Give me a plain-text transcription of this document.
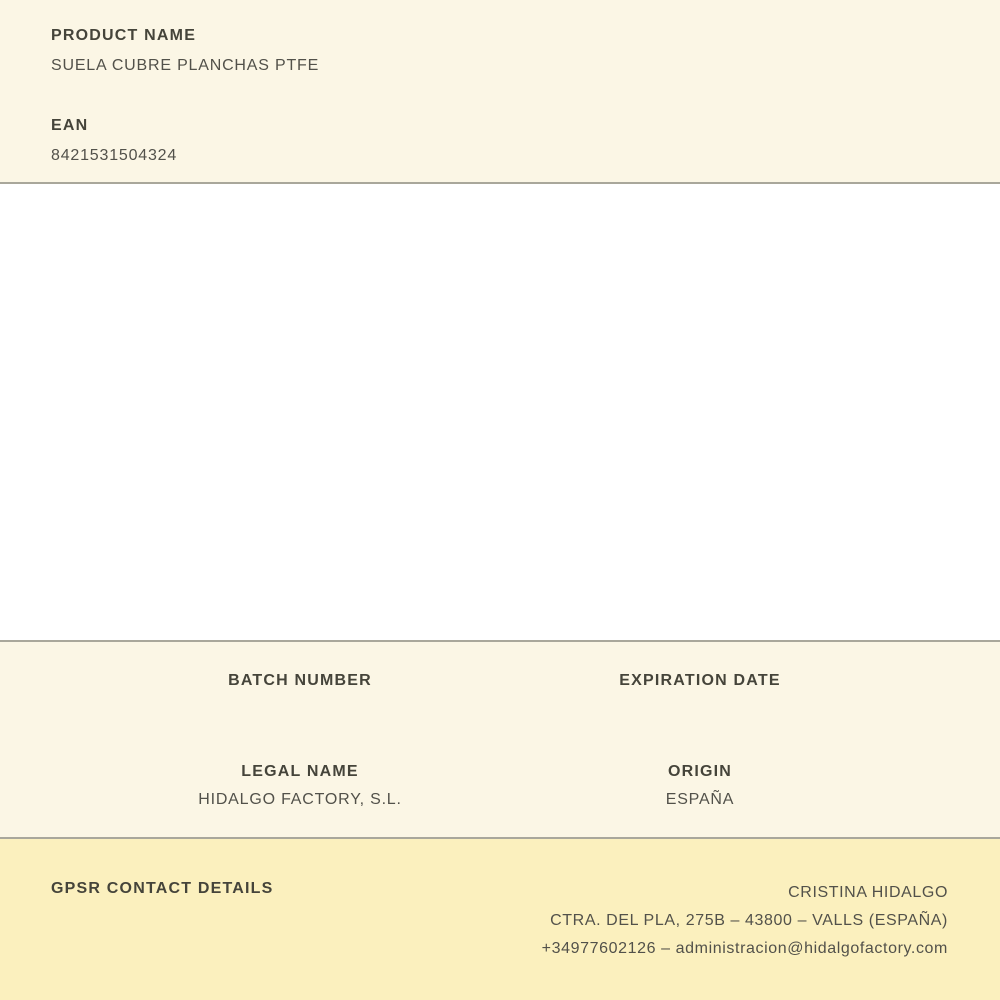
PRODUCT NAME
SUELA CUBRE PLANCHAS PTFE
EAN
8421531504324
BATCH NUMBER	EXPIRATION DATE
LEGAL NAME
HIDALGO FACTORY, S.L.
ORIGIN
ESPAÑA
GPSR CONTACT DETAILS	CRISTINA HIDALGO
CTRA. DEL PLA, 275B – 43800 – VALLS (ESPAÑA)
+34977602126 – administracion@hidalgofactory.com
